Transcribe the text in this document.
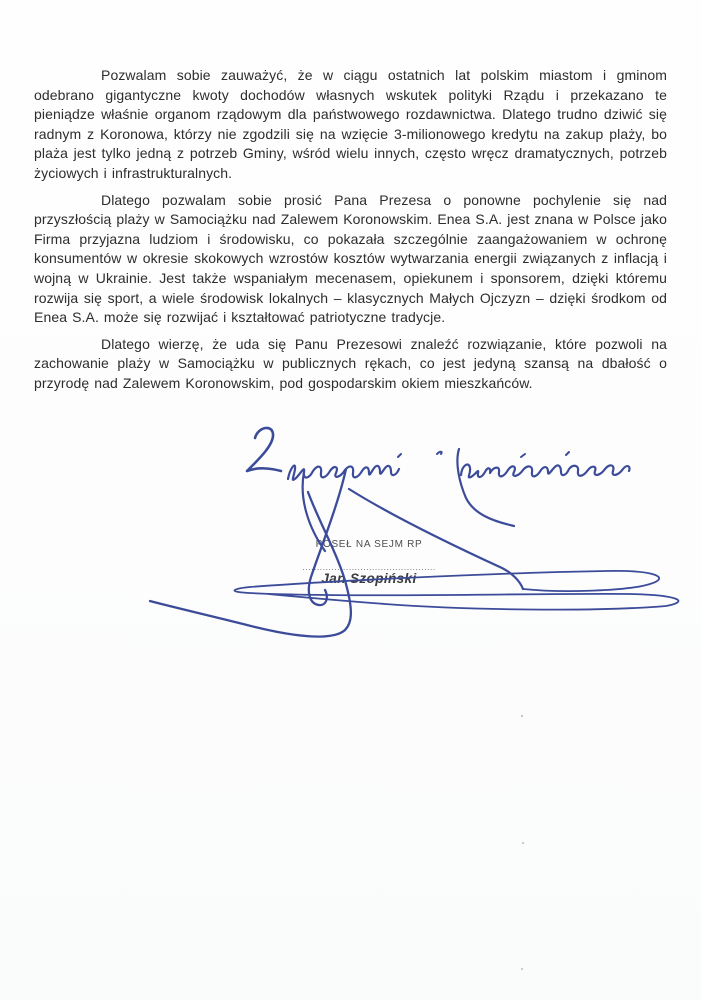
Pozwalam sobie zauważyć, że w ciągu ostatnich lat polskim miastom i gminom odebrano gigantyczne kwoty dochodów własnych wskutek polityki Rządu i przekazano te pieniądze właśnie organom rządowym dla państwowego rozdawnictwa. Dlatego trudno dziwić się radnym z Koronowa, którzy nie zgodzili się na wzięcie 3-milionowego kredytu na zakup plaży, bo plaża jest tylko jedną z potrzeb Gminy, wśród wielu innych, często wręcz dramatycznych, potrzeb życiowych i infrastrukturalnych.

Dlatego pozwalam sobie prosić Pana Prezesa o ponowne pochylenie się nad przyszłością plaży w Samociążku nad Zalewem Koronowskim. Enea S.A. jest znana w Polsce jako Firma przyjazna ludziom i środowisku, co pokazała szczególnie zaangażowaniem w ochronę konsumentów w okresie skokowych wzrostów kosztów wytwarzania energii związanych z inflacją i wojną w Ukrainie. Jest także wspaniałym mecenasem, opiekunem i sponsorem, dzięki któremu rozwija się sport, a wiele środowisk lokalnych – klasycznych Małych Ojczyzn – dzięki środkom od Enea S.A. może się rozwijać i kształtować patriotyczne tradycje.

Dlatego wierzę, że uda się Panu Prezesowi znaleźć rozwiązanie, które pozwoli na zachowanie plaży w Samociążku w publicznych rękach, co jest jedyną szansą na dbałość o przyrodę nad Zalewem Koronowskim, pod gospodarskim okiem mieszkańców.

POSEŁ NA SEJM RP
..............................................
Jan Szopiński
